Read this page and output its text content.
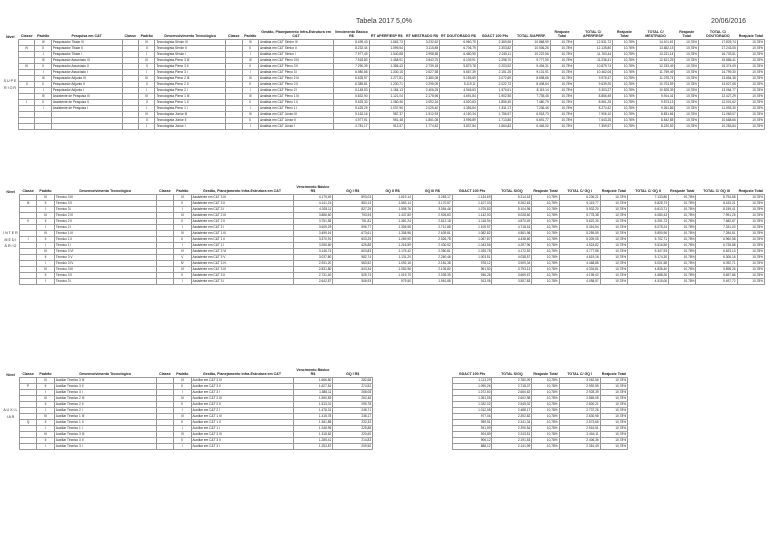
Tabela 2017 5,0%	20/06/2016
Nível	Classe	Padrão	Pesquisa em C&T	Classe	Padrão	Desenvolvimento Tecnológico	Classe	Padrão	Gestão, Planejamento Infra-Estrutura em C&T	Vencimento Básico R$	RT APERF/ESP R$	RT MESTRADO R$	RT DOUTORADO R$	GDACT 100 Pts	TOTAL S/APERF.	Reajuste Total	TOTAL C/ APERF/ESP	Reajuste Total	TOTAL C/ MESTRADO	Reajuste Total	TOTAL C/ DOUTORADO	Reajuste Total
S U P E R I O R		III	Pesquisador Titular III		III	Tecnologista Sênior III		III	Analista em C&T Sênior III	8.499,43	1.662,73	3.232,62	6.960,75	2.369,56	10.868,99	10,78%	12.531,72	10,78%	14.101,61	10,78%	17.829,74	10,78%
	IV	II	Pesquisador Titular II		II	Tecnologista Sênior II		II	Analista em C&T Sênior II	8.232,44	1.599,54	3.115,89	6.706,79	2.303,82	10.536,26	10,78%	12.135,80	10,78%	13.652,15	10,78%	17.243,05	10,78%
		I	Pesquisador Titular I		I	Tecnologista Sênior I		I	Analista em C&T Sênior I	7.977,45	1.540,88	2.998,58	6.480,95	2.245,11	10.222,56	10,78%	11.763,44	10,78%	13.221,14	10,78%	16.703,51	10,78%
		III	Pesquisador Associado III		III	Tecnologista Pleno 3 III		III	Analista em C&T Pleno 3 III	7.518,80	1.458,91	2.843,75	6.109,91	2.258,70	9.777,50	10,78%	11.236,41	10,78%	12.621,25	10,78%	15.886,41	10,78%
	III	II	Pesquisador Associado II		II	Tecnologista Pleno 3 II		II	Analista em C&T Pleno 3 II	7.290,39	1.385,43	2.739,18	5.879,78	2.203,92	9.494,31	10,78%	10.879,74	10,78%	12.233,49	10,78%	15.374,09	10,78%
		I	Pesquisador Associado I		I	Tecnologista Pleno 3 I		I	Analista em C&T Pleno 3 I	6.980,66	1.330,15	2.627,58	5.667,39	2.151,25	9.131,91	10,78%	10.462,06	10,78%	11.759,49	10,78%	14.799,30	10,78%
		III	Pesquisador Adjunto III		III	Tecnologista Pleno 2 III		III	Analista em C&T Pleno 2 III	6.625,97	1.277,81	2.380,08	5.155,69	2.072,69	8.698,66	10,78%	9.976,47	10,78%	11.078,74	10,78%	13.854,35	10,78%
	II	II	Pesquisador Adjunto II		II	Tecnologista Pleno 2 II		II	Analista em C&T Pleno 2 II	6.385,81	1.230,71	2.295,05	5.119,11	2.022,73	8.408,54	10,78%	9.639,25	10,78%	10.703,59	10,78%	13.527,65	10,78%
		I	Pesquisador Adjunto I		I	Tecnologista Pleno 2 I		I	Analista em C&T Pleno 2 I	6.148,53	1.184,13	2.406,25	4.945,63	1.970,61	8.119,14	10,78%	9.303,27	10,78%	10.525,39	10,78%	13.064,77	10,78%
		III	Assistente de Pesquisa III		III	Tecnologista Pleno 1 III		III	Analista em C&T Pleno 1 III	5.832,90	1.121,04	2.178,96	4.691,84	1.902,55	7.735,45	10,78%	8.856,49	10,78%	9.914,41	10,78%	12.427,29	10,78%
	I	II	Assistente de Pesquisa II		II	Tecnologista Pleno 1 II		II	Analista em C&T Pleno 1 II	5.625,30	1.080,46	2.092,34	4.520,83	1.855,49	7.480,79	10,78%	8.561,25	10,78%	9.573,13	10,78%	12.001,62	10,78%
		I	Assistente de Pesquisa I		I	Tecnologista Pleno 1 I		I	Analista em C&T Pleno 1 I	5.425,29	1.037,96	2.025,40	4.356,84	1.811,17	7.236,46	10,78%	8.274,42	10,78%	9.261,86	10,78%	11.593,30	10,78%
					III	Tecnologista Júnior III		III	Analista em C&T Júnior III	5.162,16	987,37	1.912,93	4.150,34	1.756,57	6.918,73	10,78%	7.906,10	10,78%	8.831,66	10,78%	11.069,07	10,78%
					II	Tecnologista Júnior II		II	Analista em C&T Júnior II	4.977,91	951,48	1.851,08	3.996,89	1.713,86	6.691,77	10,78%	7.643,25	10,78%	8.542,85	10,78%	10.688,66	10,78%
					I	Tecnologista Júnior I		I	Analista em C&T Júnior I	4.781,17	913,57	1.774,52	3.837,84	1.664,83	6.446,00	10,78%	7.359,57	10,78%	8.220,52	10,78%	10.283,84	10,78%
Nível	Classe	Padrão	Desenvolvimento Tecnológico	Classe	Padrão	Gestão, Planejamento Infra-Estrutura em C&T	Vencimento Básico R$	GQ I R$	GQ II R$	GQ III R$	GDACT 100 Pts	TOTAL S/GQ	Reajuste Total	TOTAL C/ GQ I	Reajuste Total	TOTAL C/ GQ II	Reajuste Total	TOTAL C/ GQ III	Reajuste Total
I N T E R M E D I Á R I O		III	Técnico 3 III		III	Assistente em C&T 3 III	4.179,49	893,03	1.619,14	3.283,17	1.134,69	5.314,18	10,78%	6.206,21	10,78%	7.133,86	10,78%	8.754,68	10,78%
	III	II	Técnico 3 II		II	Assistente em C&T 3 II	4.141,24	853,13	1.563,14	3.170,57	1.107,03	5.262,63	10,78%	6.115,77	10,78%	6.825,73	10,78%	8.433,21	10,78%
		I	Técnico 3 I		I	Assistente em C&T 3 I	4.028,11	827,25	1.508,76	3.054,46	1.076,83	5.104,95	10,78%	5.932,20	10,78%	6.613,71	10,78%	8.159,41	10,78%
		III	Técnico 2 III		III	Assistente em C&T 2 III	3.886,60	793,94	1.447,80	2.925,83	1.142,00	5.028,60	10,78%	5.778,38	10,78%	6.080,43	10,78%	7.991,25	10,78%
	II	II	Técnico 2 II		II	Assistente em C&T 2 II	3.751,55	751,81	1.381,24	2.812,18	1.118,94	4.870,49	10,78%	5.622,30	10,78%	6.251,73	10,78%	7.682,67	10,78%
		I	Técnico 2 I		I	Assistente em C&T 2 I	3.609,29	696,77	1.306,98	2.712,88	1.109,97	4.718,16	10,78%	5.316,94	10,78%	6.075,24	10,78%	7.331,00	10,78%
		III	Técnico 1 III		III	Assistente em C&T 1 III	3.499,16	673,61	1.308,96	2.639,81	1.082,82	4.581,98	10,78%	5.255,59	10,78%	5.890,96	10,78%	7.284,61	10,78%
	I	II	Técnico 1 II		II	Assistente em C&T 1 II	3.370,91	603,25	1.269,90	2.526,78	1.067,87	4.438,80	10,78%	5.309,05	10,78%	5.702,71	10,78%	6.960,58	10,78%
		I	Técnico 1 I		I	Assistente em C&T 1 I	3.265,60	626,88	1.218,59	2.430,92	1.043,56	4.297,96	10,78%	4.924,82	10,78%	5.516,56	10,78%	6.728,88	10,78%
		III	Técnico 3 VI		VI	Assistente em C&T 3 VI	3.146,74	603,83	1.175,42	2.350,61	1.025,78	4.172,52	10,78%	4.777,58	10,78%	5.347,93	10,78%	6.523,13	10,78%
		II	Técnico 3 V		V	Assistente em C&T 3 V	3.037,80	582,74	1.131,20	2.260,46	1.003,51	4.038,57	10,78%	4.619,16	10,78%	5.174,30	10,78%	6.306,16	10,78%
		I	Técnico 3 IV		IV	Assistente em C&T 3 IV	2.931,20	563,52	1.092,16	2.181,38	978,12	3.909,34	10,78%	4.468,86	10,78%	5.001,58	10,78%	6.092,71	10,78%
		III	Técnico 3 III		III	Assistente em C&T 3 III	2.831,80	543,34	1.052,96	2.105,80	961,50	3.793,13	10,78%	4.334,81	10,78%	4.836,40	10,78%	5.898,26	10,78%
		II	Técnico 3 II		II	Assistente em C&T 3 II	2.731,40	525,74	1.019,70	2.039,39	936,26	3.669,57	10,78%	4.195,42	10,78%	4.688,26	10,78%	5.697,86	10,78%
		I	Técnico 3 I		I	Assistente em C&T 3 I	2.642,87	506,93	979,50	1.961,88	913,06	3.557,83	10,78%	4.058,57	10,78%	4.515,06	10,78%	5.497,72	10,78%
Nível	Classe	Padrão	Desenvolvimento Tecnológico	Classe	Padrão	Gestão, Planejamento Infra-Estrutura em C&T	Vencimento Básico R$	GQ I R$			GDACT 100 Pts	TOTAL S/GQ	Reajuste Total	TOTAL C/ GQ I	Reajuste Total				
A U X I L I A R		III	Auxiliar Técnico 3 III		III	Auxiliar em C&T 3 III	1.666,80	282,68			1.113,29	2.780,09	10,78%	3.062,56	10,78%				
	P	II	Auxiliar Técnico 3 II		II	Auxiliar em C&T 3 II	1.627,81	274,52			1.090,26	2.718,07	10,78%	2.992,59	10,78%				
		I	Auxiliar Técnico 3 I		I	Auxiliar em C&T 3 I	1.588,11	268,08			1.072,50	2.660,62	10,78%	2.928,39	10,78%				
		III	Auxiliar Técnico 2 III		III	Auxiliar em C&T 2 III	1.550,83	262,48			1.051,05	2.602,98	10,78%	2.865,05	10,78%				
		II	Auxiliar Técnico 2 II		II	Auxiliar em C&T 2 II	1.513,01	255,78			1.032,02	2.545,02	10,78%	2.800,21	10,78%				
		I	Auxiliar Técnico 2 I		I	Auxiliar em C&T 2 I	1.476,31	248,71			1.012,08	2.488,17	10,78%	2.737,26	10,78%				
		III	Auxiliar Técnico 1 III		III	Auxiliar em C&T 1 III	1.415,78	238,17			977,04	2.392,82	10,78%	2.630,98	10,78%				
	Q	II	Auxiliar Técnico 1 II		II	Auxiliar em C&T 1 II	1.381,85	232,32			959,51	2.341,34	10,78%	2.573,66	10,78%				
		I	Auxiliar Técnico 1 I		I	Auxiliar em C&T 1 I	1.348,95	225,88			941,59	2.290,54	10,78%	2.516,51	10,78%				
		III	Auxiliar Técnico 3 III		III	Auxiliar em C&T 3 III	1.318,62	220,60			924,89	2.243,51	10,78%	2.464,11	10,78%				
		II	Auxiliar Técnico 3 II		II	Auxiliar em C&T 3 II	1.285,41	214,83			906,12	2.191,53	10,78%	2.406,36	10,78%				
		I	Auxiliar Técnico 3 I		I	Auxiliar em C&T 3 I	1.253,87	209,50			888,12	2.141,99	10,78%	2.351,49	10,78%				
